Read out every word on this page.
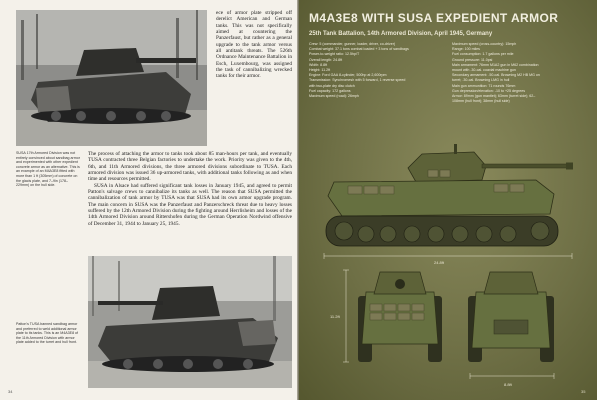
SUSA 17th Armored Division was not entirely convinced about sandbag armor and experimented with other expedient concrete armor as an alternative. This is an example of an M4A3E8 fitted with more than 1 ft (305mm) of concrete on the glacis plate, and 7–9in (178–229mm) on the hull side.

ece of armor plate stripped off derelict American and German tanks. This was not specifically aimed at countering the Panzerfaust, but rather as a general upgrade to the tank armor versus all antitank threats. The 526th Ordnance Maintenance Battalion in Esch, Luxembourg, was assigned the task of cannibalizing wrecked tanks for their armor.

The process of attaching the armor to tanks took about 85 man-hours per tank, and eventually TUSA contracted three Belgian factories to undertake the work. Priority was given to the 4th, 6th, and 11th Armored divisions, the three armored divisions subordinate to TUSA. Each armored division was issued 36 up-armored tanks, with additional tanks following as and when time and resources permitted.

SUSA in Alsace had suffered significant tank losses in January 1945, and agreed to permit Patton's salvage crews to cannibalize its tanks as well. The reason that SUSA permitted the cannibalization of tank armor by TUSA was that SUSA had its own armor upgrade program. The main concern in SUSA was the Panzerfaust and Panzerschreck threat due to heavy losses suffered by the 12th Armored Division during the fighting around Herrlisheim and losses of the 14th Armored Division around Rittershofen during the German Operation Nordwind offensive of December 31, 1944 to January 25, 1945.

Patton's TUSA banned sandbag armor and preferred to weld additional armor plate to its tanks. This is an M4A3E8 of the 11th Armored Division with armor plate added to the turret and hull front.
34
M4A3E8 WITH SUSA EXPEDIENT ARMOR
25th Tank Battalion, 14th Armored Division, April 1945, Germany
Crew: 5 (commander, gunner, loader, driver, co-driver)
Combat weight: 37.1 tons combat loaded + 3 tons of sandbags
Power-to-weight ratio: 12.5hp/T
Overall length: 24.8ft
Width: 8.8ft
Height: 11.2ft
Engine: Ford GAA 8-cylinder, 500hp at 2,600rpm
Transmission: Synchromesh with 5 forward, 1 reverse speed
with two-plate dry disc clutch
Fuel capacity: 172 gallons
Maximum speed (road): 26mph
Maximum speed (cross-country): 15mph
Range: 100 miles
Fuel consumption: 1.7 gallons per mile
Ground pressure: 11.0psi
Main armament: 76mm M1A2 gun in M62 combination
mount with .30-cal. coaxial machine gun
Secondary armament: .50-cal. Browning M2 HB MG on
turret; .30-cal. Browning LMG in hull
Main gun ammunition: 71 rounds 76mm
Gun depression/elevation: -10 to +25 degrees
Armor: 89mm (gun mantlet); 63mm (turret side); 62–
108mm (hull front); 38mm (hull side)
24.8ft
11.2ft
8.8ft
35
